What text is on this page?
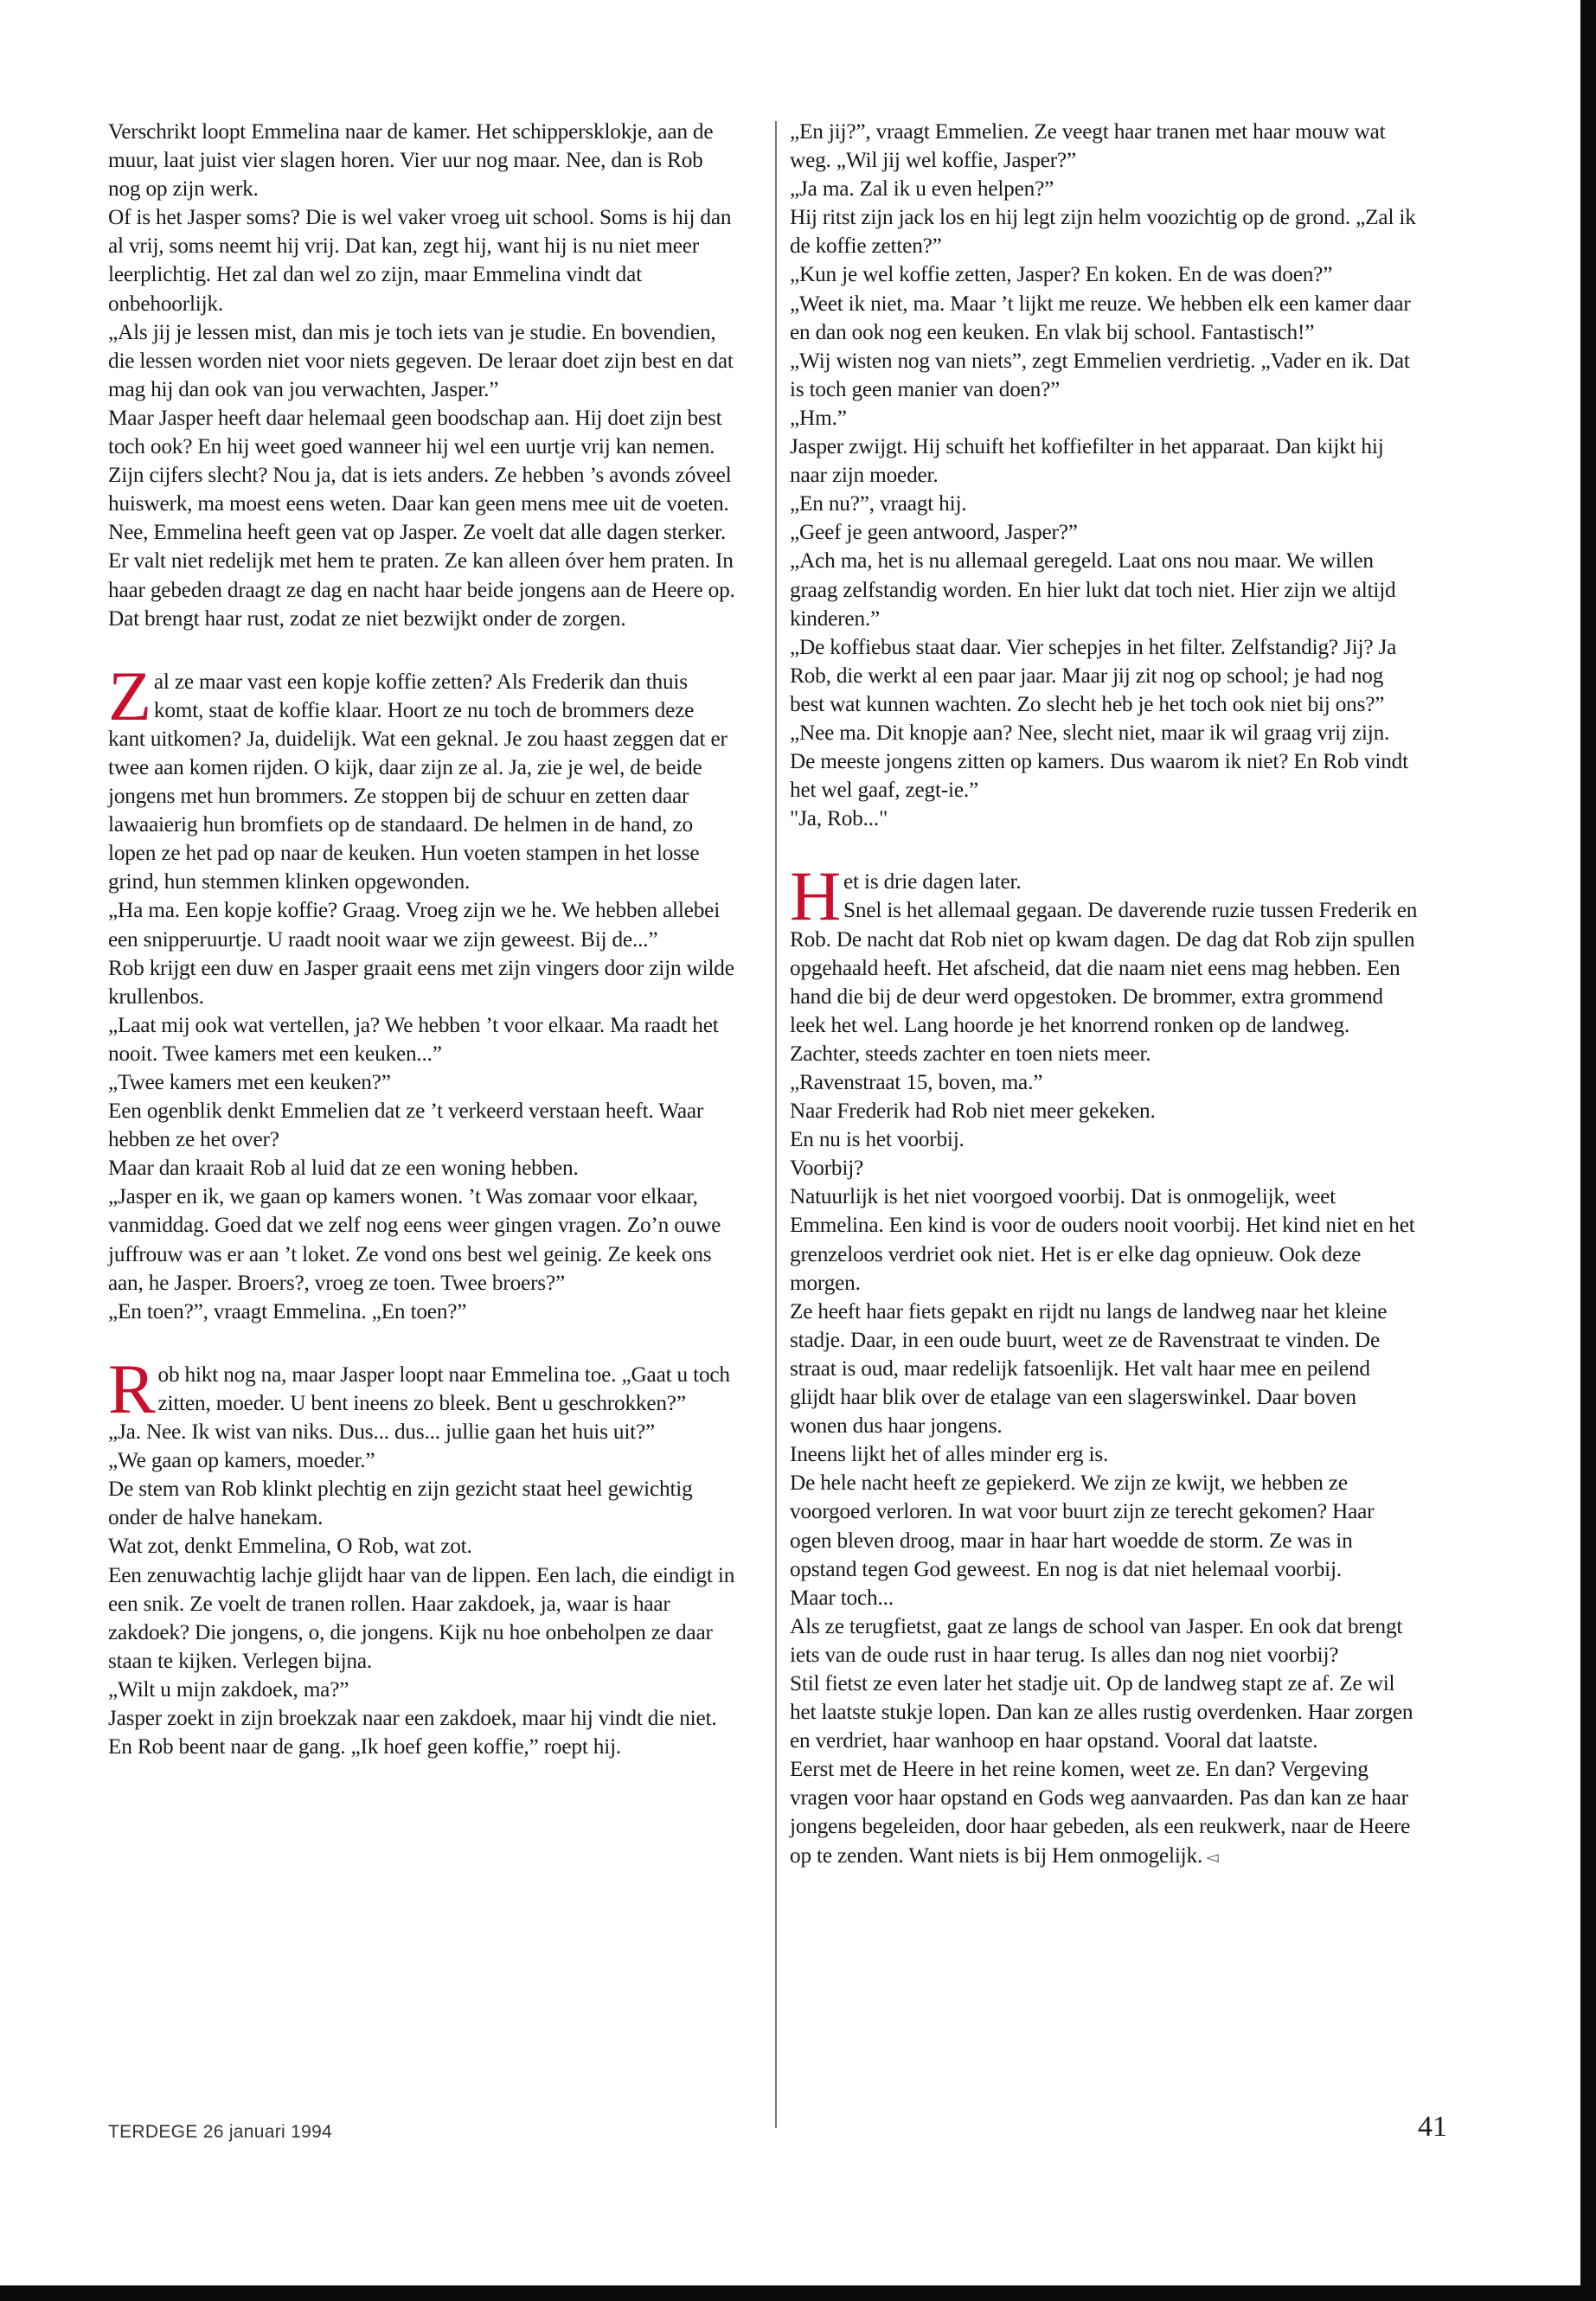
Verschrikt loopt Emmelina naar de kamer. Het schippersklokje, aan de muur, laat juist vier slagen horen. Vier uur nog maar. Nee, dan is Rob nog op zijn werk.

Of is het Jasper soms? Die is wel vaker vroeg uit school. Soms is hij dan al vrij, soms neemt hij vrij. Dat kan, zegt hij, want hij is nu niet meer leerplichtig. Het zal dan wel zo zijn, maar Emmelina vindt dat onbehoorlijk.

„Als jij je lessen mist, dan mis je toch iets van je studie. En bovendien, die lessen worden niet voor niets gegeven. De leraar doet zijn best en dat mag hij dan ook van jou verwachten, Jasper.”

Maar Jasper heeft daar helemaal geen boodschap aan. Hij doet zijn best toch ook? En hij weet goed wanneer hij wel een uurtje vrij kan nemen.

Zijn cijfers slecht? Nou ja, dat is iets anders. Ze hebben ’s avonds zóveel huiswerk, ma moest eens weten. Daar kan geen mens mee uit de voeten.

Nee, Emmelina heeft geen vat op Jasper. Ze voelt dat alle dagen sterker. Er valt niet redelijk met hem te praten. Ze kan alleen óver hem praten. In haar gebeden draagt ze dag en nacht haar beide jongens aan de Heere op. Dat brengt haar rust, zodat ze niet bezwijkt onder de zorgen.

Zal ze maar vast een kopje koffie zetten? Als Frederik dan thuis komt, staat de koffie klaar. Hoort ze nu toch de brommers deze kant uitkomen? Ja, duidelijk. Wat een geknal. Je zou haast zeggen dat er twee aan komen rijden. O kijk, daar zijn ze al. Ja, zie je wel, de beide jongens met hun brommers. Ze stoppen bij de schuur en zetten daar lawaaierig hun bromfiets op de standaard. De helmen in de hand, zo lopen ze het pad op naar de keuken. Hun voeten stampen in het losse grind, hun stemmen klinken opgewonden.

„Ha ma. Een kopje koffie? Graag. Vroeg zijn we he. We hebben allebei een snipperuurtje. U raadt nooit waar we zijn geweest. Bij de...”

Rob krijgt een duw en Jasper graait eens met zijn vingers door zijn wilde krullenbos.

„Laat mij ook wat vertellen, ja? We hebben ’t voor elkaar. Ma raadt het nooit. Twee kamers met een keuken...”

„Twee kamers met een keuken?”

Een ogenblik denkt Emmelien dat ze ’t verkeerd verstaan heeft. Waar hebben ze het over?

Maar dan kraait Rob al luid dat ze een woning hebben.

„Jasper en ik, we gaan op kamers wonen. ’t Was zomaar voor elkaar, vanmiddag. Goed dat we zelf nog eens weer gingen vragen. Zo’n ouwe juffrouw was er aan ’t loket. Ze vond ons best wel geinig. Ze keek ons aan, he Jasper. Broers?, vroeg ze toen. Twee broers?”

„En toen?”, vraagt Emmelina. „En toen?”

Rob hikt nog na, maar Jasper loopt naar Emmelina toe. „Gaat u toch zitten, moeder. U bent ineens zo bleek. Bent u geschrokken?”

„Ja. Nee. Ik wist van niks. Dus... dus... jullie gaan het huis uit?”

„We gaan op kamers, moeder.”

De stem van Rob klinkt plechtig en zijn gezicht staat heel gewichtig onder de halve hanekam.

Wat zot, denkt Emmelina, O Rob, wat zot.

Een zenuwachtig lachje glijdt haar van de lippen. Een lach, die eindigt in een snik. Ze voelt de tranen rollen. Haar zakdoek, ja, waar is haar zakdoek? Die jongens, o, die jongens. Kijk nu hoe onbeholpen ze daar staan te kijken. Verlegen bijna.

„Wilt u mijn zakdoek, ma?”

Jasper zoekt in zijn broekzak naar een zakdoek, maar hij vindt die niet. En Rob beent naar de gang. „Ik hoef geen koffie,” roept hij.

„En jij?”, vraagt Emmelien. Ze veegt haar tranen met haar mouw wat weg. „Wil jij wel koffie, Jasper?”

„Ja ma. Zal ik u even helpen?”

Hij ritst zijn jack los en hij legt zijn helm voozichtig op de grond. „Zal ik de koffie zetten?”

„Kun je wel koffie zetten, Jasper? En koken. En de was doen?”

„Weet ik niet, ma. Maar ’t lijkt me reuze. We hebben elk een kamer daar en dan ook nog een keuken. En vlak bij school. Fantastisch!”

„Wij wisten nog van niets”, zegt Emmelien verdrietig. „Vader en ik. Dat is toch geen manier van doen?”

„Hm.”

Jasper zwijgt. Hij schuift het koffiefilter in het apparaat. Dan kijkt hij naar zijn moeder.

„En nu?”, vraagt hij.

„Geef je geen antwoord, Jasper?”

„Ach ma, het is nu allemaal geregeld. Laat ons nou maar. We willen graag zelfstandig worden. En hier lukt dat toch niet. Hier zijn we altijd kinderen.”

„De koffiebus staat daar. Vier schepjes in het filter. Zelfstandig? Jij? Ja Rob, die werkt al een paar jaar. Maar jij zit nog op school; je had nog best wat kunnen wachten. Zo slecht heb je het toch ook niet bij ons?”

„Nee ma. Dit knopje aan? Nee, slecht niet, maar ik wil graag vrij zijn. De meeste jongens zitten op kamers. Dus waarom ik niet? En Rob vindt het wel gaaf, zegt-ie.”

"Ja, Rob..."

Het is drie dagen later.

Snel is het allemaal gegaan. De daverende ruzie tussen Frederik en Rob. De nacht dat Rob niet op kwam dagen. De dag dat Rob zijn spullen opgehaald heeft. Het afscheid, dat die naam niet eens mag hebben. Een hand die bij de deur werd opgestoken. De brommer, extra grommend leek het wel. Lang hoorde je het knorrend ronken op de landweg. Zachter, steeds zachter en toen niets meer.

„Ravenstraat 15, boven, ma.”

Naar Frederik had Rob niet meer gekeken.

En nu is het voorbij.

Voorbij?

Natuurlijk is het niet voorgoed voorbij. Dat is onmogelijk, weet Emmelina. Een kind is voor de ouders nooit voorbij. Het kind niet en het grenzeloos verdriet ook niet. Het is er elke dag opnieuw. Ook deze morgen.

Ze heeft haar fiets gepakt en rijdt nu langs de landweg naar het kleine stadje. Daar, in een oude buurt, weet ze de Ravenstraat te vinden. De straat is oud, maar redelijk fatsoenlijk. Het valt haar mee en peilend glijdt haar blik over de etalage van een slagerswinkel. Daar boven wonen dus haar jongens.

Ineens lijkt het of alles minder erg is.

De hele nacht heeft ze gepiekerd. We zijn ze kwijt, we hebben ze voorgoed verloren. In wat voor buurt zijn ze terecht gekomen? Haar ogen bleven droog, maar in haar hart woedde de storm. Ze was in opstand tegen God geweest. En nog is dat niet helemaal voorbij.

Maar toch...

Als ze terugfietst, gaat ze langs de school van Jasper. En ook dat brengt iets van de oude rust in haar terug. Is alles dan nog niet voorbij?

Stil fietst ze even later het stadje uit. Op de landweg stapt ze af. Ze wil het laatste stukje lopen. Dan kan ze alles rustig overdenken. Haar zorgen en verdriet, haar wanhoop en haar opstand. Vooral dat laatste.

Eerst met de Heere in het reine komen, weet ze. En dan? Vergeving vragen voor haar opstand en Gods weg aanvaarden. Pas dan kan ze haar jongens begeleiden, door haar gebeden, als een reukwerk, naar de Heere op te zenden. Want niets is bij Hem onmogelijk. ◅

TERDEGE 26 januari 1994	41
